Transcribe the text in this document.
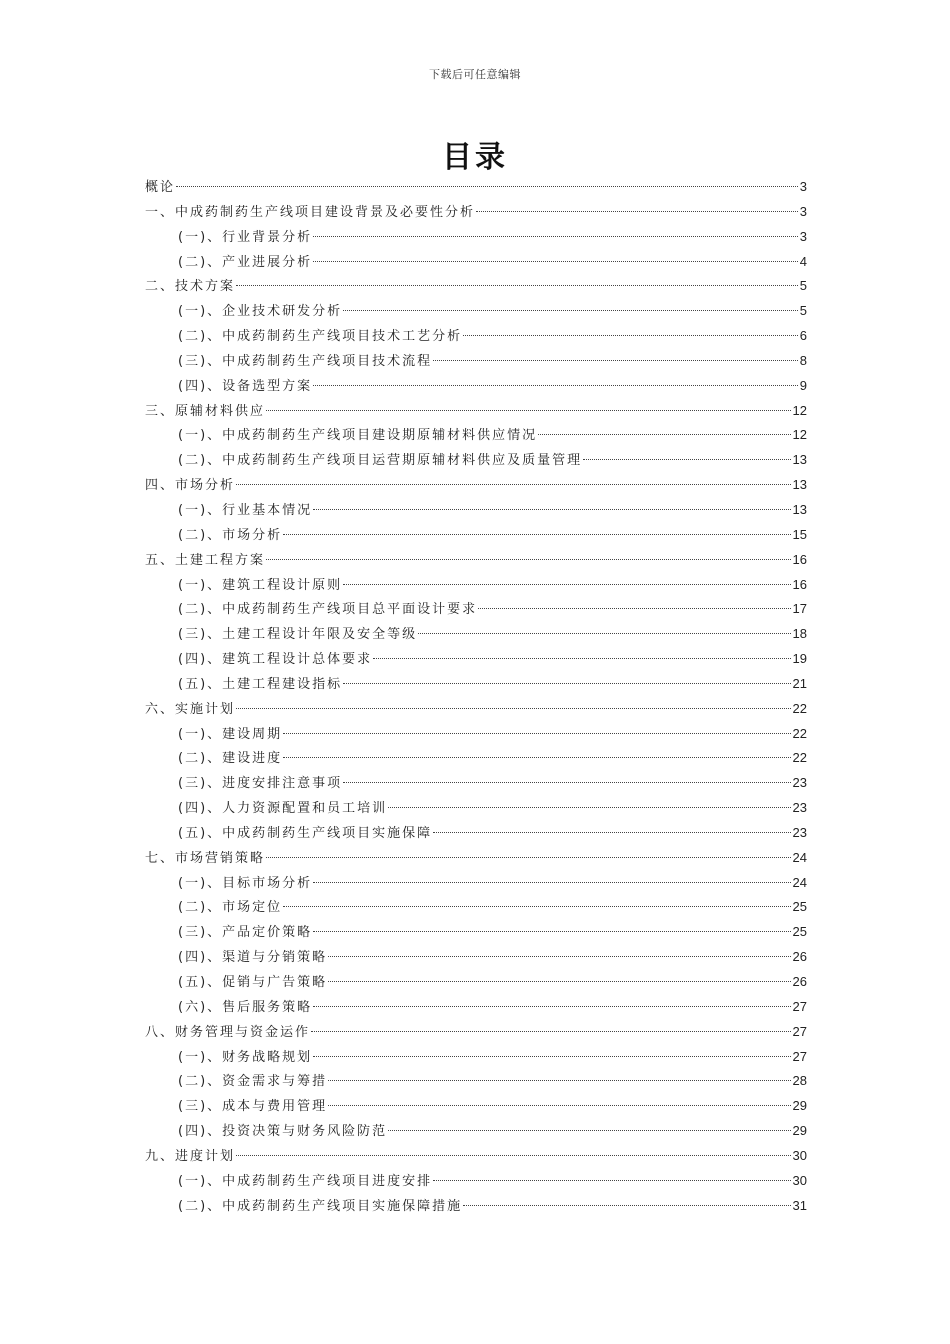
下载后可任意编辑
目录
概论	3
一、中成药制药生产线项目建设背景及必要性分析	3
(一)、行业背景分析	3
(二)、产业进展分析	4
二、技术方案	5
(一)、企业技术研发分析	5
(二)、中成药制药生产线项目技术工艺分析	6
(三)、中成药制药生产线项目技术流程	8
(四)、设备选型方案	9
三、原辅材料供应	12
(一)、中成药制药生产线项目建设期原辅材料供应情况	12
(二)、中成药制药生产线项目运营期原辅材料供应及质量管理	13
四、市场分析	13
(一)、行业基本情况	13
(二)、市场分析	15
五、土建工程方案	16
(一)、建筑工程设计原则	16
(二)、中成药制药生产线项目总平面设计要求	17
(三)、土建工程设计年限及安全等级	18
(四)、建筑工程设计总体要求	19
(五)、土建工程建设指标	21
六、实施计划	22
(一)、建设周期	22
(二)、建设进度	22
(三)、进度安排注意事项	23
(四)、人力资源配置和员工培训	23
(五)、中成药制药生产线项目实施保障	23
七、市场营销策略	24
(一)、目标市场分析	24
(二)、市场定位	25
(三)、产品定价策略	25
(四)、渠道与分销策略	26
(五)、促销与广告策略	26
(六)、售后服务策略	27
八、财务管理与资金运作	27
(一)、财务战略规划	27
(二)、资金需求与筹措	28
(三)、成本与费用管理	29
(四)、投资决策与财务风险防范	29
九、进度计划	30
(一)、中成药制药生产线项目进度安排	30
(二)、中成药制药生产线项目实施保障措施	31
